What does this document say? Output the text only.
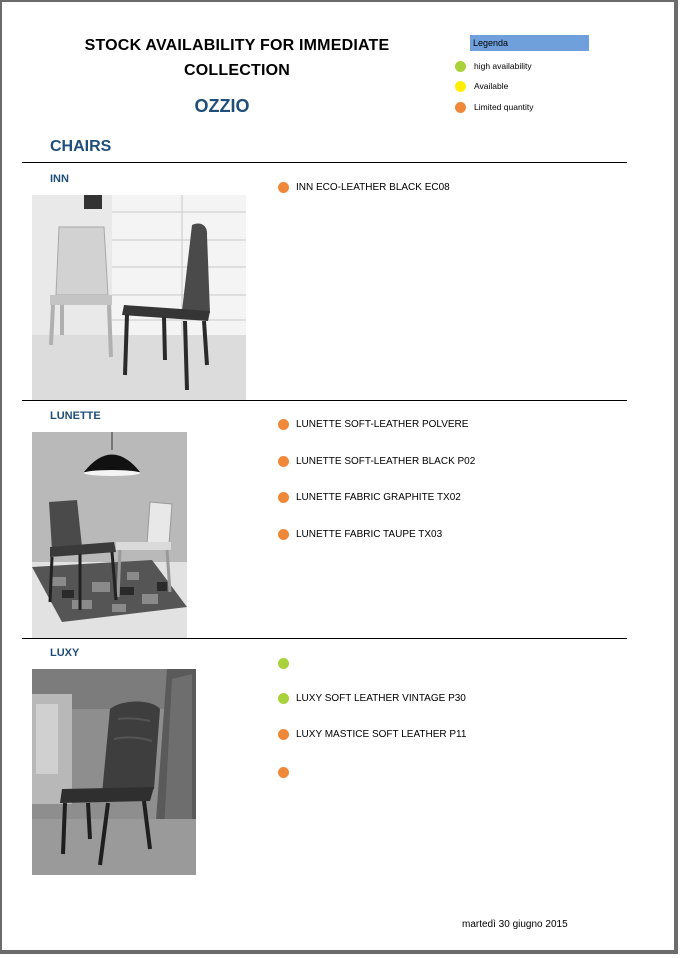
STOCK AVAILABILITY FOR IMMEDIATE
COLLECTION
OZZIO
Legenda
high availability
Available
Limited quantity
CHAIRS
INN
INN ECO-LEATHER BLACK EC08
LUNETTE
LUNETTE SOFT-LEATHER POLVERE
LUNETTE SOFT-LEATHER BLACK P02
LUNETTE FABRIC GRAPHITE TX02
LUNETTE FABRIC TAUPE TX03
LUXY
LUXY SOFT LEATHER VINTAGE P30
LUXY MASTICE SOFT LEATHER P11
martedì 30 giugno 2015
